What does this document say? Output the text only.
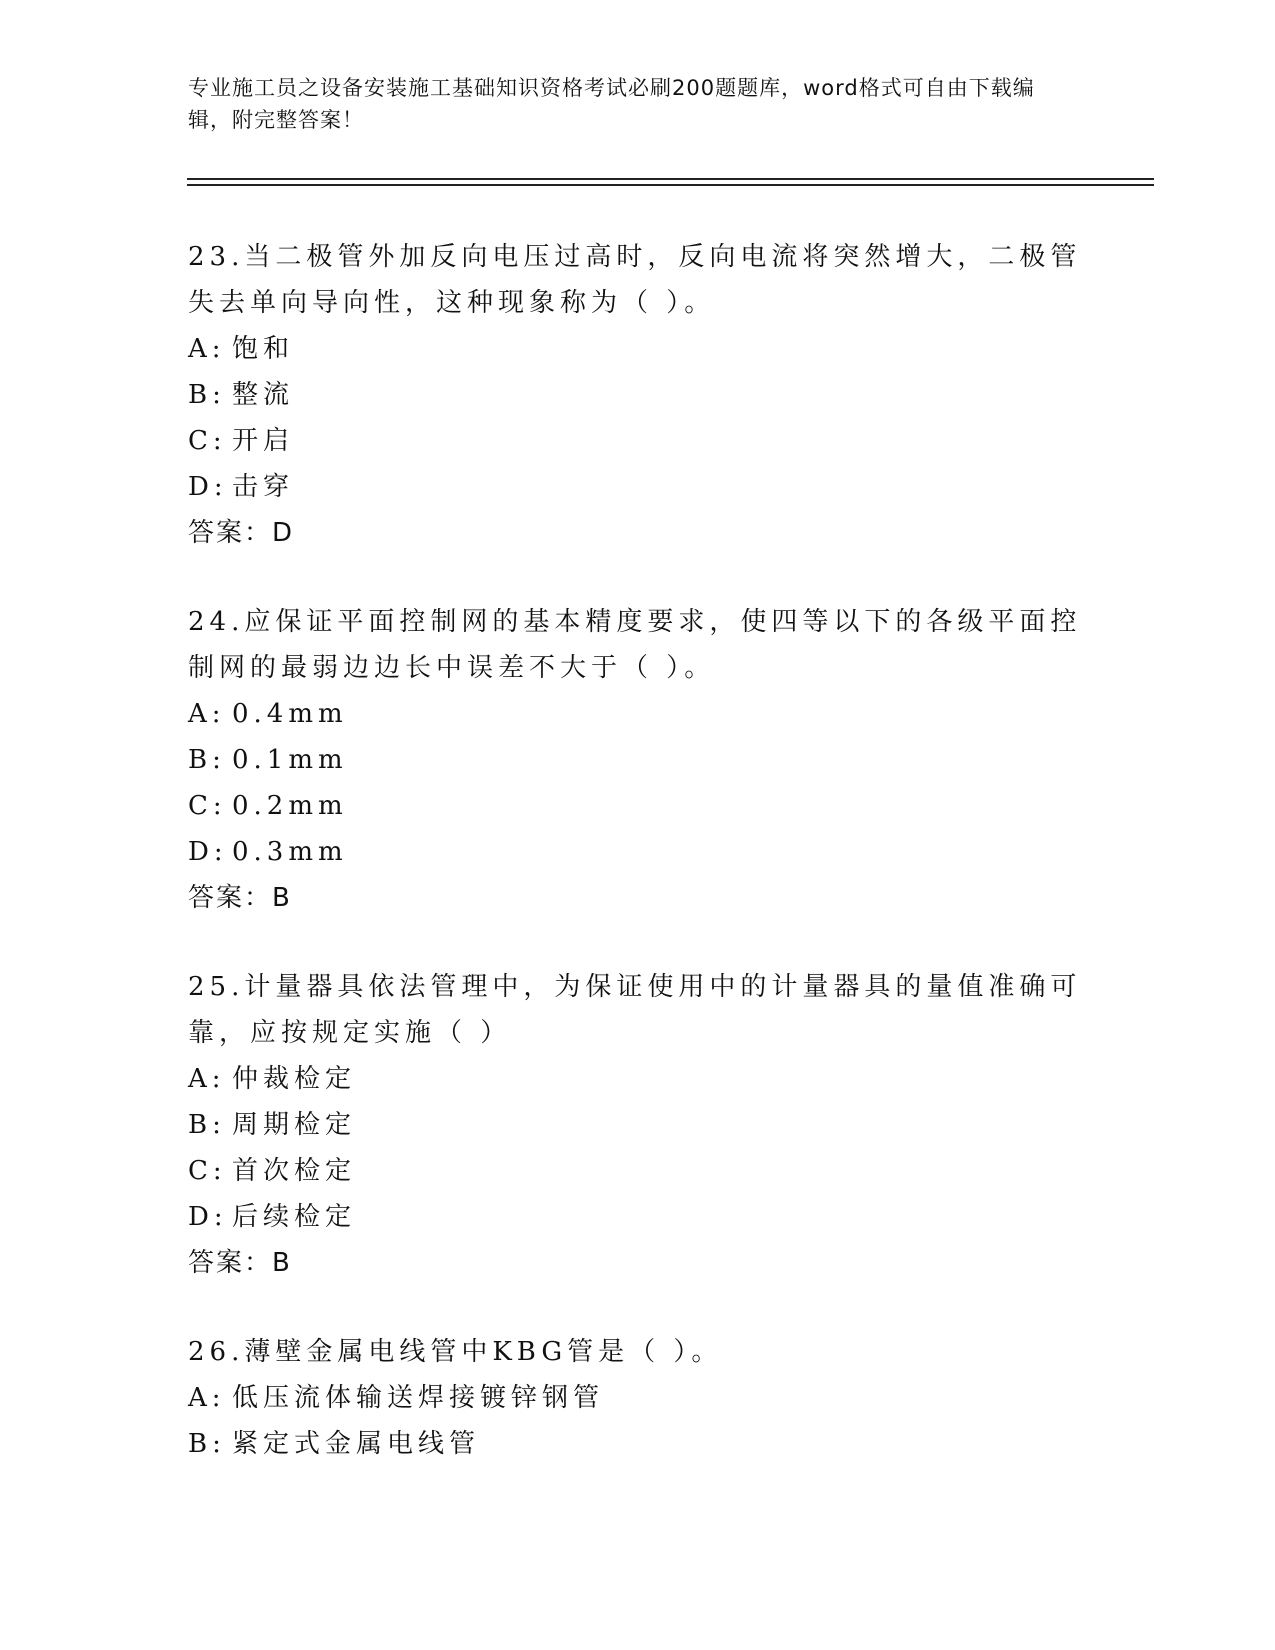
专业施工员之设备安装施工基础知识资格考试必刷200题题库，word格式可自由下载编辑，附完整答案！
23.当二极管外加反向电压过高时，反向电流将突然增大，二极管失去单向导向性，这种现象称为（ ）。
A: 饱和
B: 整流
C: 开启
D: 击穿
答案：D
24.应保证平面控制网的基本精度要求，使四等以下的各级平面控制网的最弱边边长中误差不大于（ ）。
A: 0.4mm
B: 0.1mm
C: 0.2mm
D: 0.3mm
答案：B
25.计量器具依法管理中，为保证使用中的计量器具的量值准确可靠，应按规定实施（ ）
A: 仲裁检定
B: 周期检定
C: 首次检定
D: 后续检定
答案：B
26.薄壁金属电线管中KBG管是（ ）。
A: 低压流体输送焊接镀锌钢管
B: 紧定式金属电线管
